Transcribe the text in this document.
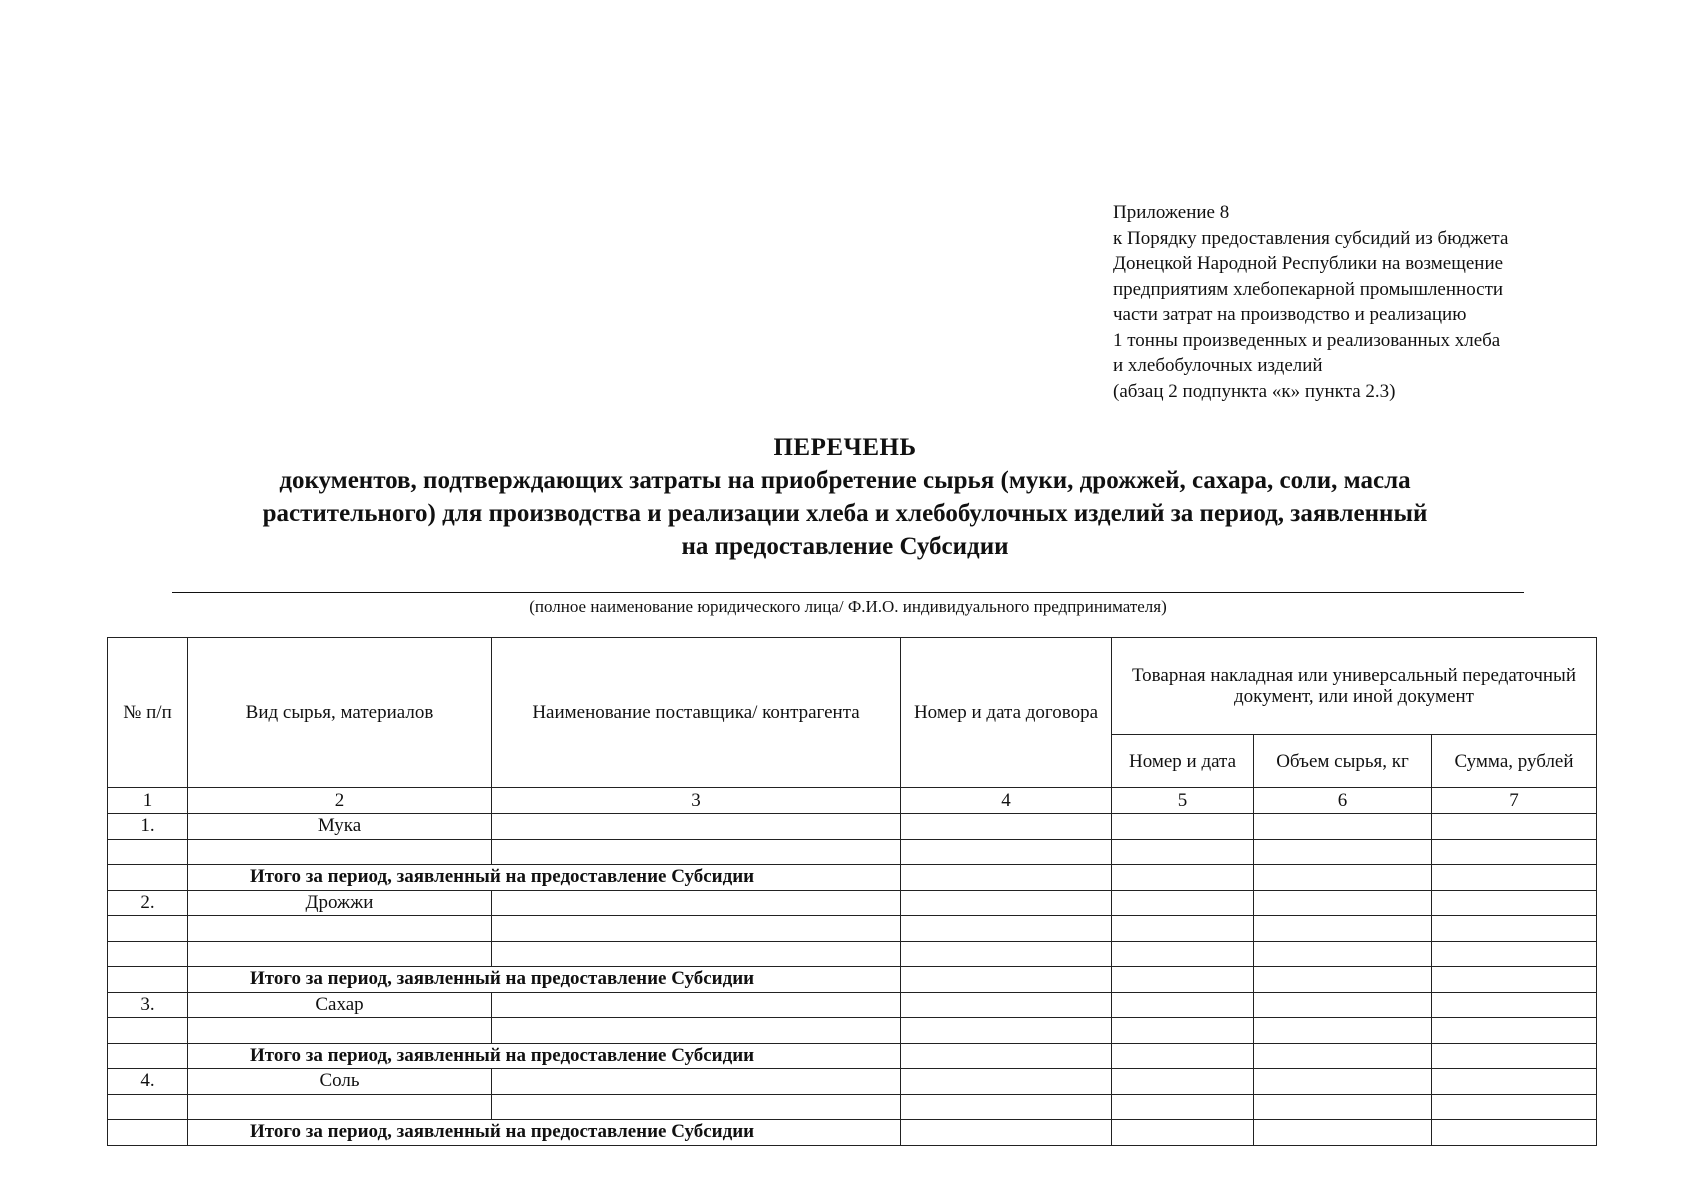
Приложение 8
к Порядку предоставления субсидий из бюджета
Донецкой Народной Республики на возмещение
предприятиям хлебопекарной промышленности
части затрат на производство и реализацию
1 тонны произведенных и реализованных хлеба
и хлебобулочных изделий
(абзац 2 подпункта «к» пункта 2.3)
ПЕРЕЧЕНЬ
документов, подтверждающих затраты на приобретение сырья (муки, дрожжей, сахара, соли, масла
растительного) для производства и реализации хлеба и хлебобулочных изделий за период, заявленный
на предоставление Субсидии
(полное наименование юридического лица/ Ф.И.О. индивидуального предпринимателя)
№ п/п	Вид сырья, материалов	Наименование поставщика/ контрагента	Номер и дата договора	Товарная накладная или универсальный передаточный документ, или иной документ		
				Номер и дата	Объем сырья, кг	Сумма, рублей
1	2	3	4	5	6	7
1.	Мука					

	Итого за период, заявленный на предоставление Субсидии					
2.	Дрожжи					

	Итого за период, заявленный на предоставление Субсидии					
3.	Сахар					

	Итого за период, заявленный на предоставление Субсидии					
4.	Соль					

	Итого за период, заявленный на предоставление Субсидии					
